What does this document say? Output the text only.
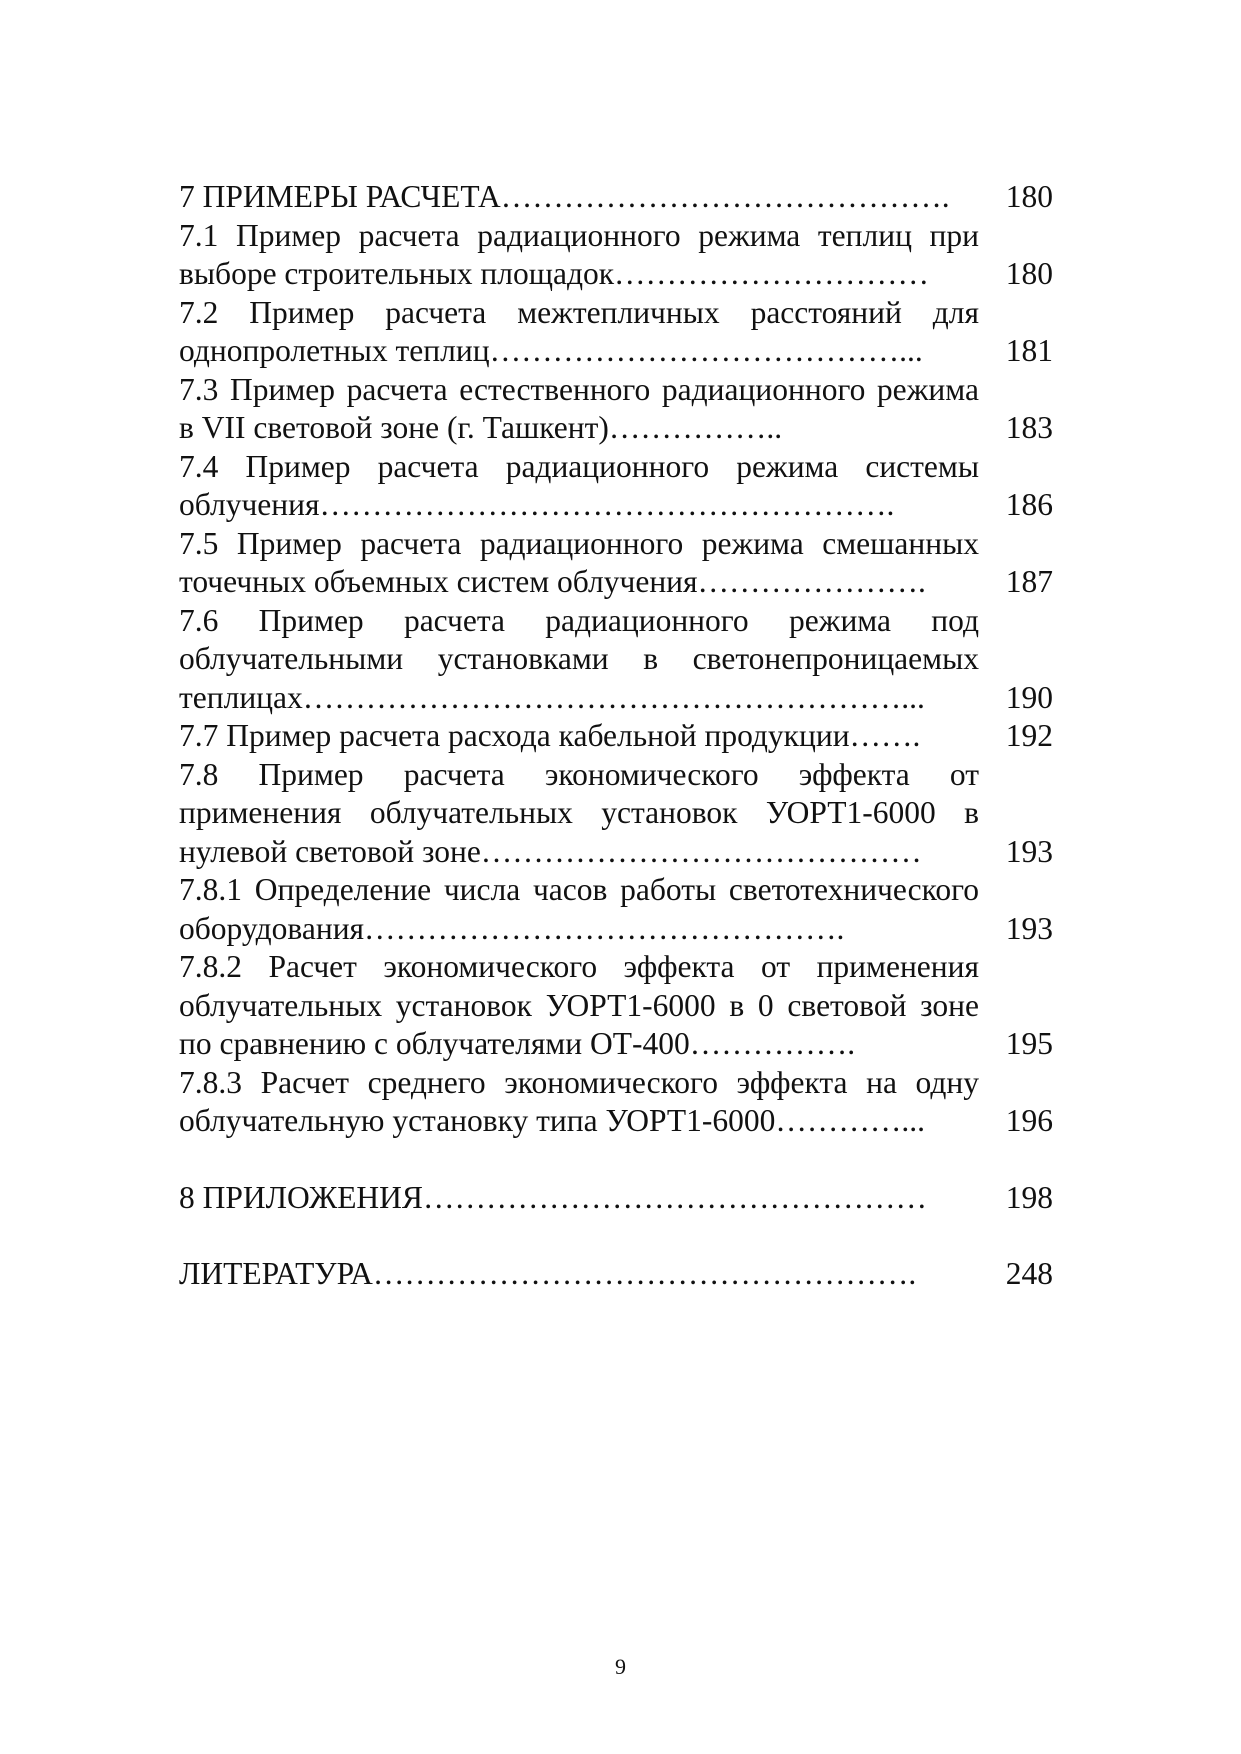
7 ПРИМЕРЫ РАСЧЕТА…………………………………….	180

7.1 Пример расчета радиационного режима теплиц при выборе строительных площадок…………………………	180

7.2 Пример расчета межтепличных расстояний для однопролетных теплиц…………………………………...	181

7.3 Пример расчета естественного радиационного режима в VII световой зоне (г. Ташкент)……………..	183

7.4 Пример расчета радиационного режима системы облучения……………………………………………….	186

7.5 Пример расчета радиационного режима смешанных точечных объемных систем облучения………………….	187

7.6 Пример расчета радиационного режима под облучательными установками в светонепроницаемых теплицах…………………………………………………...	190

7.7 Пример расчета расхода кабельной продукции…….	192

7.8 Пример расчета экономического эффекта от применения облучательных установок УОРТ1-6000 в нулевой световой зоне……………………………………	193

7.8.1 Определение числа часов работы светотехнического оборудования……………………………………….	193

7.8.2 Расчет экономического эффекта от применения облучательных установок УОРТ1-6000 в 0 световой зоне по сравнению с облучателями ОТ-400…………….	195

7.8.3 Расчет среднего экономического эффекта на одну облучательную установку типа УОРТ1-6000…………...	196

8 ПРИЛОЖЕНИЯ…………………………………………	198

ЛИТЕРАТУРА…………………………………………….	248
9
